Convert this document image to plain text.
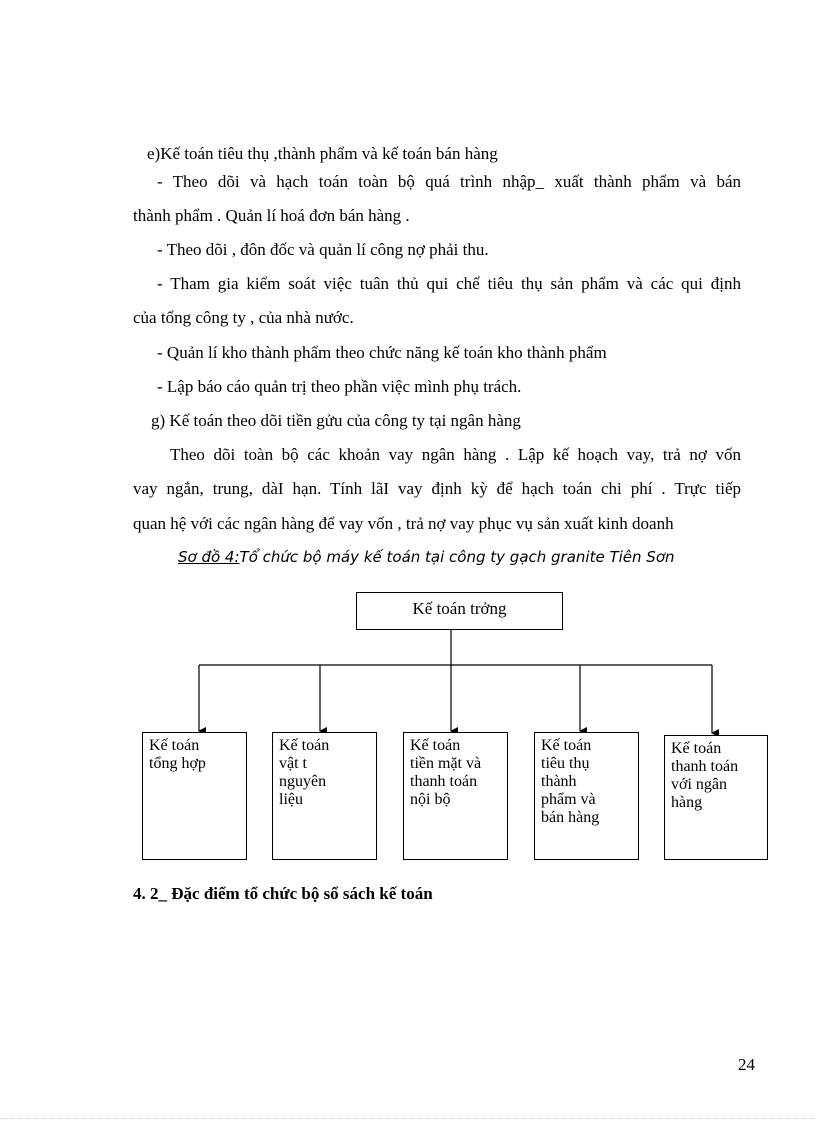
e)Kế toán tiêu thụ ,thành phẩm và kế toán bán hàng
- Theo dõi và hạch toán toàn bộ quá trình nhập_ xuất thành phẩm và bán
thành phẩm . Quản lí hoá đơn bán hàng .
- Theo dõi , đôn đốc và quản lí công nợ phải thu.
- Tham gia kiểm soát việc tuân thủ qui chế tiêu thụ sản phẩm và các qui định
của tổng công ty , của nhà nước.
- Quản lí kho thành phẩm theo chức năng kế toán kho thành phẩm
- Lập báo cáo quản trị theo phần việc mình phụ trách.
g) Kế toán theo dõi tiền gửu của công ty tại ngân hàng
Theo dõi toàn bộ các khoản vay ngân hàng . Lập kế hoạch vay, trả nợ vốn
vay ngắn, trung, dàI hạn. Tính lãI vay định kỳ để hạch toán chi phí . Trực tiếp
quan hệ với các ngân hàng để vay vốn , trả nợ vay phục vụ sản xuất kinh doanh
Sơ đồ 4:Tổ chức bộ máy kế toán tại công ty gạch granite Tiên Sơn
Kế toán trởng
Kế toán
tổng hợp
Kế toán
vật t
nguyên
liệu
Kế toán
tiền mặt và
thanh toán
nội bộ
Kế toán
tiêu thụ
thành
phẩm và
bán hàng
Kế toán
thanh toán
với ngân
hàng
4. 2_ Đặc điểm tổ chức bộ sổ sách kế toán
24
